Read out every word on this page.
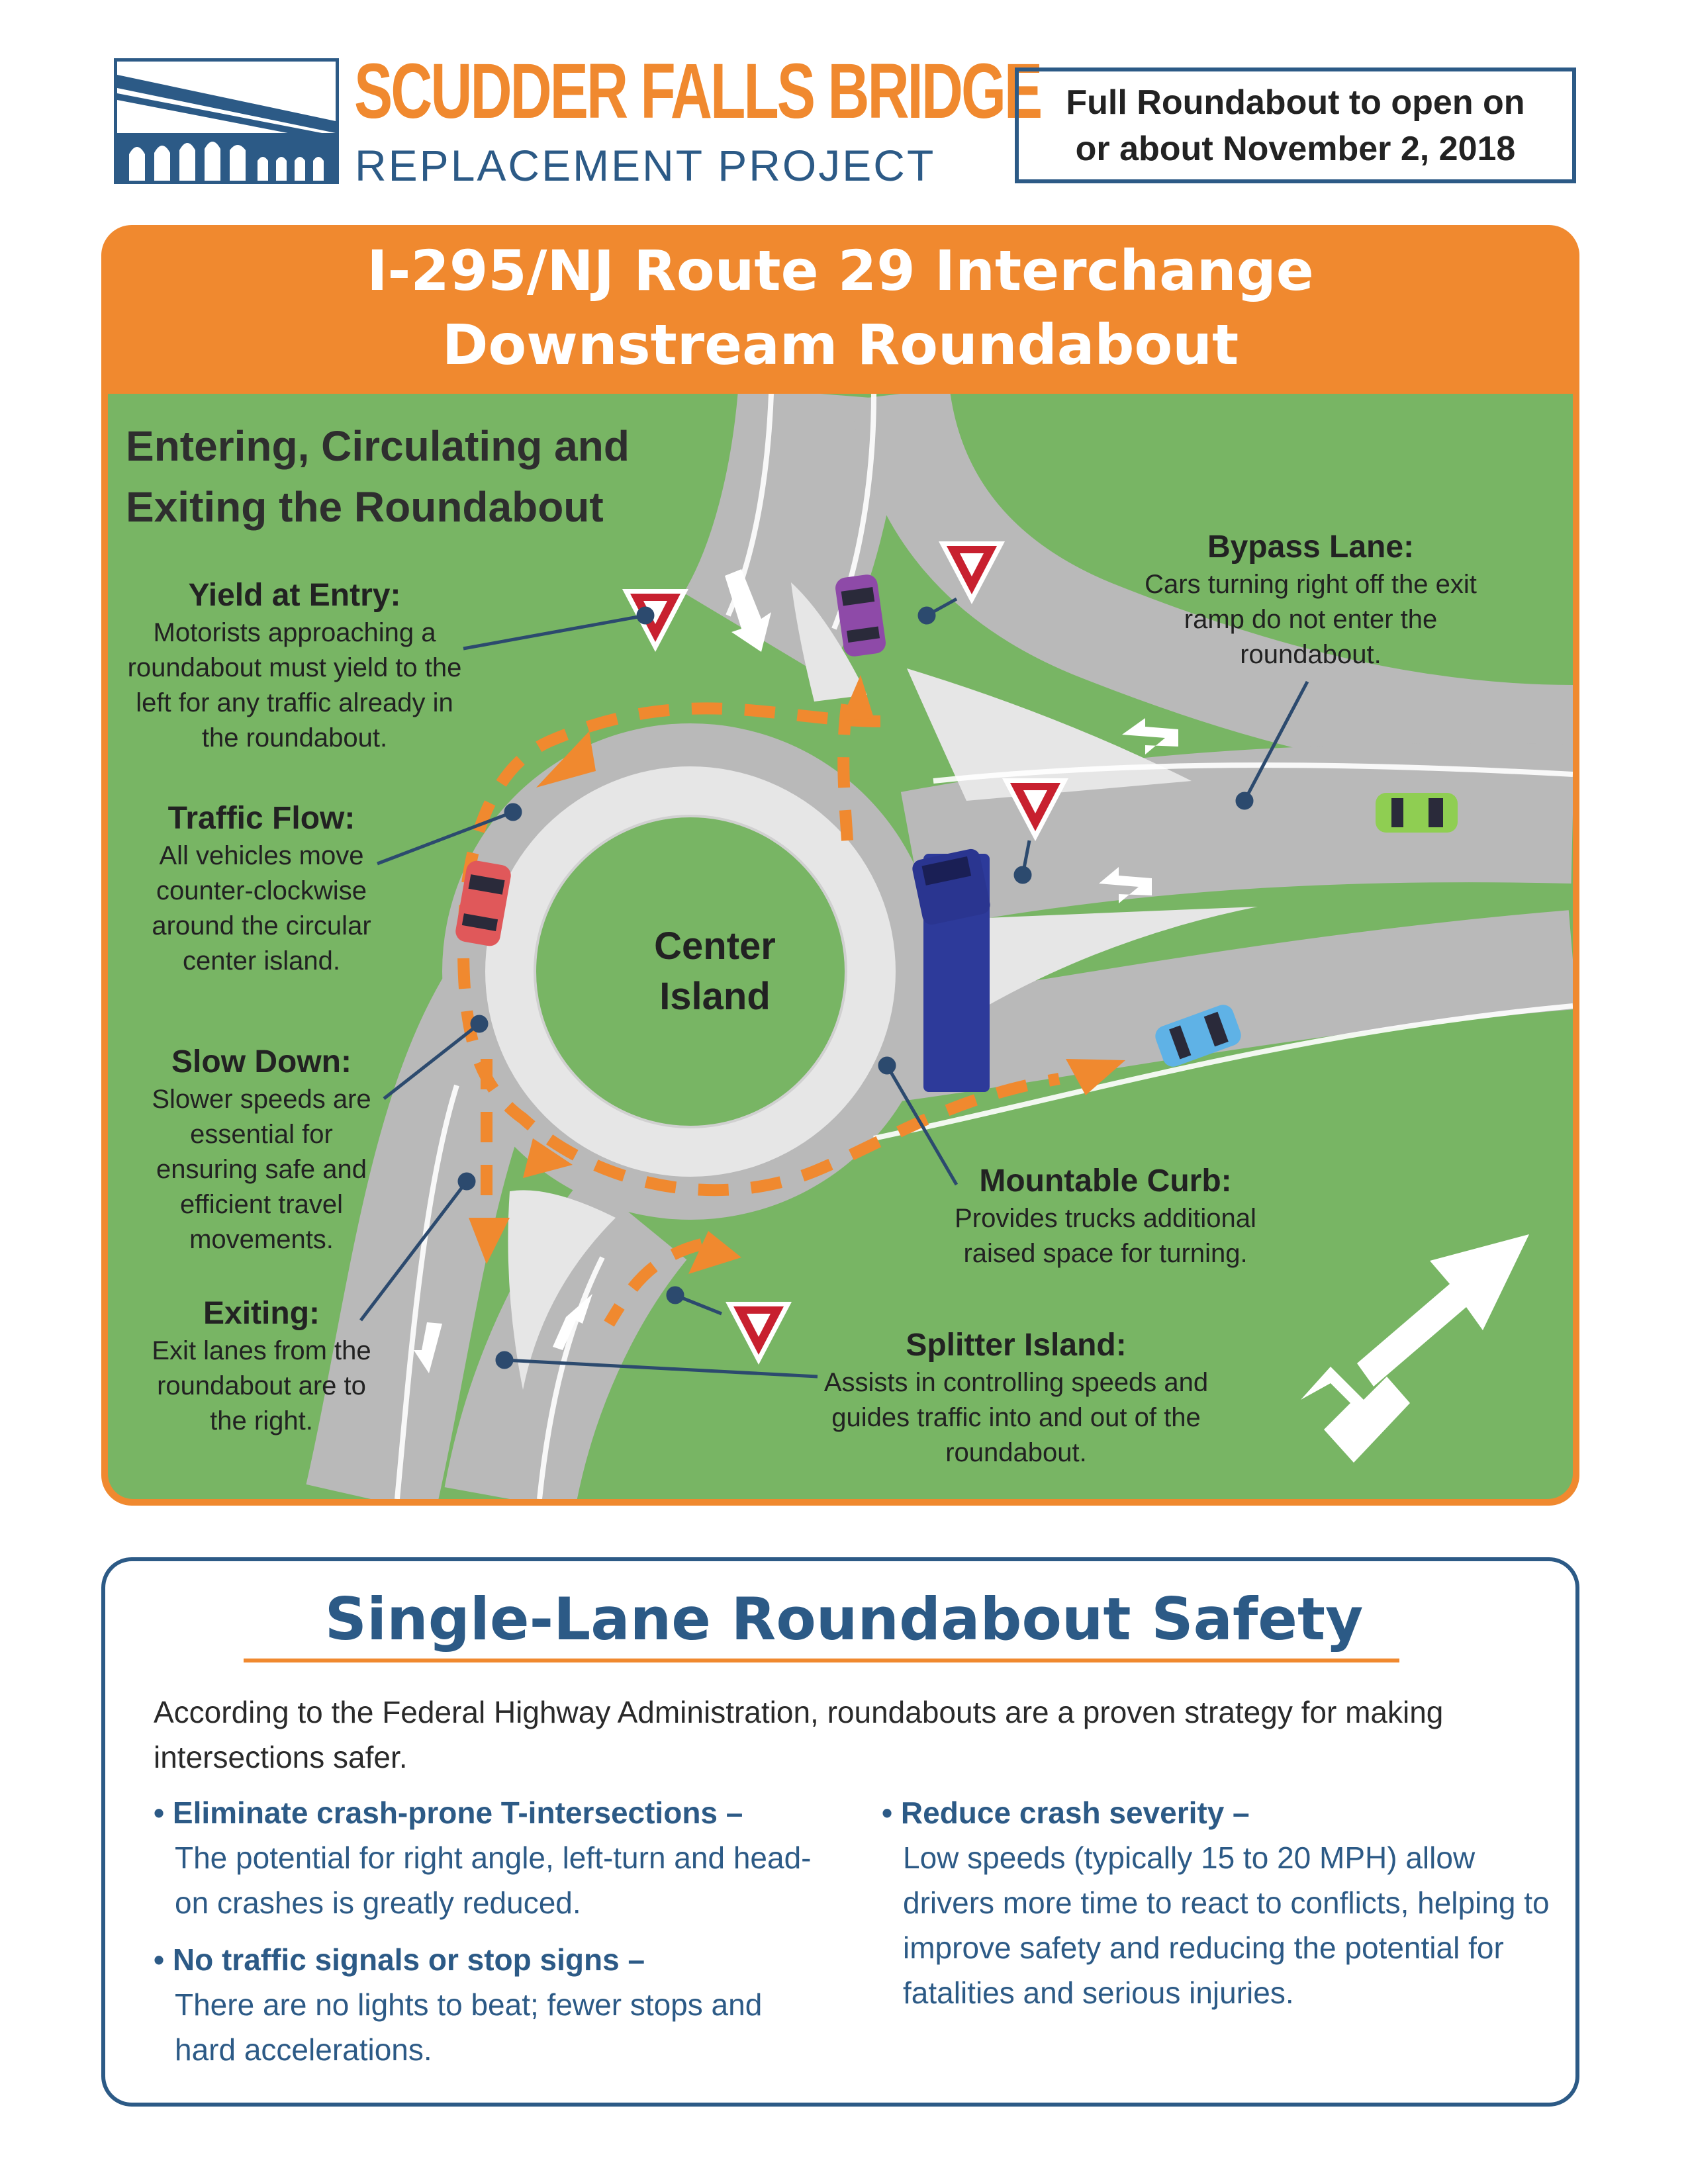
SCUDDER FALLS BRIDGE
REPLACEMENT PROJECT
Full Roundabout to open on
or about November 2, 2018
I-295/NJ Route 29 Interchange
Downstream Roundabout
Entering, Circulating and
Exiting the Roundabout
Center
Island
Yield at Entry:
Motorists approaching a roundabout must yield to the left for any traffic already in the roundabout.
Traffic Flow:
All vehicles move counter-clockwise around the circular center island.
Slow Down:
Slower speeds are essential for ensuring safe and efficient travel movements.
Exiting:
Exit lanes from the roundabout are to the right.
Bypass Lane:
Cars turning right off the exit ramp do not enter the roundabout.
Mountable Curb:
Provides trucks additional raised space for turning.
Splitter Island:
Assists in controlling speeds and guides traffic into and out of the roundabout.
Single-Lane Roundabout Safety
According to the Federal Highway Administration, roundabouts are a proven strategy for making intersections safer.
• Eliminate crash-prone T-intersections –
The potential for right angle, left-turn and head-on crashes is greatly reduced.
• No traffic signals or stop signs –
There are no lights to beat; fewer stops and hard accelerations.
• Reduce crash severity –
Low speeds (typically 15 to 20 MPH) allow drivers more time to react to conflicts, helping to improve safety and reducing the potential for fatalities and serious injuries.
